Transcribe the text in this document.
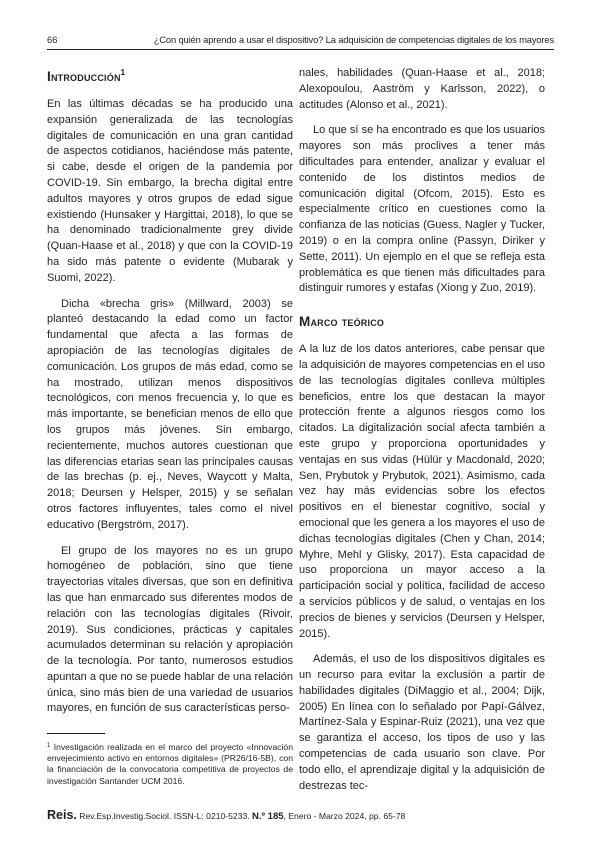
66	¿Con quién aprendo a usar el dispositivo? La adquisición de competencias digitales de los mayores
Introducción$^1$

En las últimas décadas se ha producido una expansión generalizada de las tecnologías digitales de comunicación en una gran cantidad de aspectos cotidianos, haciéndose más patente, si cabe, desde el origen de la pandemia por COVID-19. Sin embargo, la brecha digital entre adultos mayores y otros grupos de edad sigue existiendo (Hunsaker y Hargittai, 2018), lo que se ha denominado tradicionalmente grey divide (Quan-Haase et al., 2018) y que con la COVID-19 ha sido más patente o evidente (Mubarak y Suomi, 2022).

Dicha «brecha gris» (Millward, 2003) se planteó destacando la edad como un factor fundamental que afecta a las formas de apropiación de las tecnologías digitales de comunicación. Los grupos de más edad, como se ha mostrado, utilizan menos dispositivos tecnológicos, con menos frecuencia y, lo que es más importante, se benefician menos de ello que los grupos más jóvenes. Sin embargo, recientemente, muchos autores cuestionan que las diferencias etarias sean las principales causas de las brechas (p. ej., Neves, Waycott y Malta, 2018; Deursen y Helsper, 2015) y se señalan otros factores influyentes, tales como el nivel educativo (Bergström, 2017).

El grupo de los mayores no es un grupo homogéneo de población, sino que tiene trayectorias vitales diversas, que son en definitiva las que han enmarcado sus diferentes modos de relación con las tecnologías digitales (Rivoir, 2019). Sus condiciones, prácticas y capitales acumulados determinan su relación y apropiación de la tecnología. Por tanto, numerosos estudios apuntan a que no se puede hablar de una relación única, sino más bien de una variedad de usuarios mayores, en función de sus características perso-

$^1$ Investigación realizada en el marco del proyecto «Innovación envejecimiento activo en entornos digitales» (PR26/16-5B), con la financiación de la convocatoria competitiva de proyectos de investigación Santander UCM 2016.

nales, habilidades (Quan-Haase et al., 2018; Alexopoulou, Aaström y Karlsson, 2022), o actitudes (Alonso et al., 2021).

Lo que sí se ha encontrado es que los usuarios mayores son más proclives a tener más dificultades para entender, analizar y evaluar el contenido de los distintos medios de comunicación digital (Ofcom, 2015). Esto es especialmente crítico en cuestiones como la confianza de las noticias (Guess, Nagler y Tucker, 2019) o en la compra online (Passyn, Diriker y Sette, 2011). Un ejemplo en el que se refleja esta problemática es que tienen más dificultades para distinguir rumores y estafas (Xiong y Zuo, 2019).

Marco teórico

A la luz de los datos anteriores, cabe pensar que la adquisición de mayores competencias en el uso de las tecnologías digitales conlleva múltiples beneficios, entre los que destacan la mayor protección frente a algunos riesgos como los citados. La digitalización social afecta también a este grupo y proporciona oportunidades y ventajas en sus vidas (Hülür y Macdonald, 2020; Sen, Prybutok y Prybutok, 2021). Asimismo, cada vez hay más evidencias sobre los efectos positivos en el bienestar cognitivo, social y emocional que les genera a los mayores el uso de dichas tecnologías digitales (Chen y Chan, 2014; Myhre, Mehl y Glisky, 2017). Esta capacidad de uso proporciona un mayor acceso a la participación social y política, facilidad de acceso a servicios públicos y de salud, o ventajas en los precios de bienes y servicios (Deursen y Helsper, 2015).

Además, el uso de los dispositivos digitales es un recurso para evitar la exclusión a partir de habilidades digitales (DiMaggio et al., 2004; Dijk, 2005) En línea con lo señalado por Papí-Gálvez, Martínez-Sala y Espinar-Ruiz (2021), una vez que se garantiza el acceso, los tipos de uso y las competencias de cada usuario son clave. Por todo ello, el aprendizaje digital y la adquisición de destrezas tec-

Reis. Rev.Esp.Investig.Sociol. ISSN-L: 0210-5233. N.º 185, Enero - Marzo 2024, pp. 65-78
